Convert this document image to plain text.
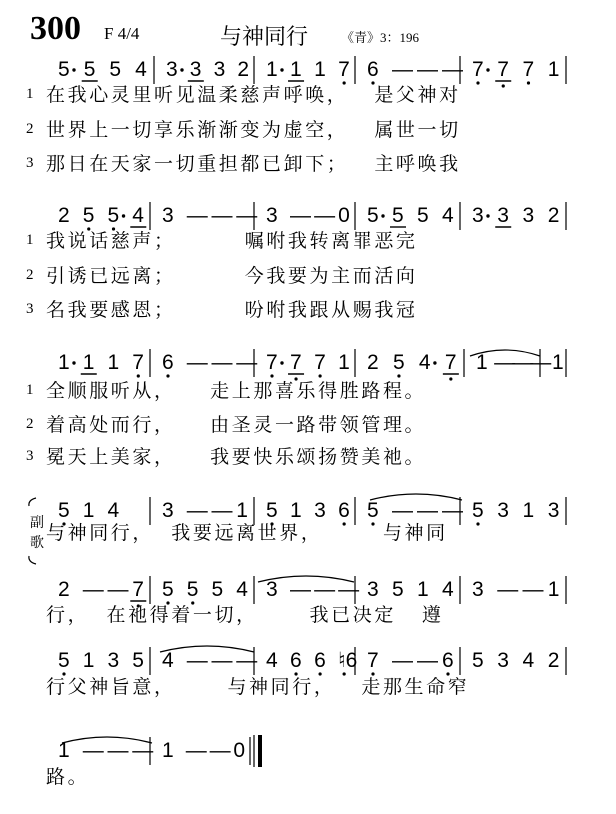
300 F 4/4	与神同行	《青》3：196
5 5 5 4 3 3 3 2 1 1 1 7 6 — — — 7 7 7 1
2 5 5 4 3 — — — 3 — — 0 5 5 5 4 3 3 3 2
1 1 1 7 6 — — — 7 7 7 1 2 5 4 7 1 —
—
— 1
5 1 4 3 — — 1 5 1 3 6 5 — — — 5 3 1 3
2 — — 7 5 5 5 4 3 — — — 3 5 1 4 3 — — 1
5 1 3 5 4 — — — 4 6 6 ♮6 7 — — 6 5 3 4 2
1 — — — 1 — — 0
在我心灵里听见温柔慈声呼唤，   是父神对
1
世界上一切享乐渐渐变为虚空，   属世一切
2
那日在天家一切重担都已卸下；   主呼唤我
3
我说话慈声；        嘱咐我转离罪恶完
1
引诱已远离；        今我要为主而活向
2
名我要感恩；        吩咐我跟从赐我冠
3
全顺服听从，    走上那喜乐得胜路程。
1
着高处而行，    由圣灵一路带领管理。
2
冕天上美家，    我要快乐颂扬赞美祂。
3
与神同行，  我要远离世界，       与神同
行，  在祂得着一切，      我已决定   遵
行父神旨意，      与神同行，   走那生命窄
路。
副
歌
